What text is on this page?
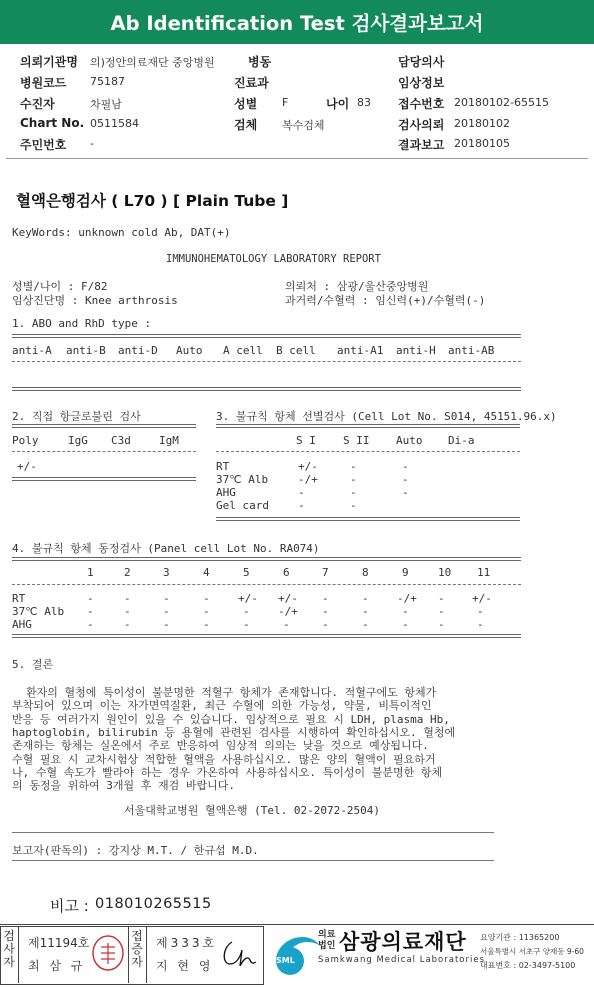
Ab Identification Test 검사결과보고서
의뢰기관명 의)정안의료재단 중앙병원	병동	담당의사
병원코드 75187	진료과	임상정보
수진자	차필남	성별 F	나이 83 접수번호 20180102-65515
Chart No. 0511584	검체 복수검체	검사의뢰 20180102
주민번호 -	결과보고 20180105
혈액은행검사 ( L70 ) [ Plain Tube ]
KeyWords: unknown cold Ab, DAT(+)
IMMUNOHEMATOLOGY LABORATORY REPORT
성별/나이 : F/82
임상진단명 : Knee arthrosis
의뢰처 : 삼광/울산중앙병원
과거력/수혈력 : 임신력(+)/수혈력(-)
1. ABO and RhD type :
anti-A anti-B anti-D Auto A cell B cell anti-A1 anti-H anti-AB
2. 직접 항글로불린 검사
Poly	IgG C3d	IgM
+/-
3. 불규칙 항체 선별검사 (Cell Lot No. S014, 45151.96.x)
S I S II Auto Di-a
RT	+/-	-	-
37℃ Alb	-/+	-	-
AHG	-	-	-
Gel card	-	-
4. 불규칙 항체 동정검사 (Panel cell Lot No. RA074)
1	2	3	4	5	6	7	8	9	10 11
RT	-	-	-	-	+/- +/- -	-	-/+ - +/-
37℃ Alb -	-	-	-	-	-/+ -	-	-	-	-
AHG	-	-	-	-	-	-	-	-	-	-	-
5. 결론
환자의 혈청에 특이성이 불분명한 적혈구 항체가 존재합니다. 적혈구에도 항체가
부착되어 있으며 이는 자가면역질환, 최근 수혈에 의한 가능성, 약물, 비특이적인
반응 등 여러가지 원인이 있을 수 있습니다. 임상적으로 필요 시 LDH, plasma Hb,
haptoglobin, bilirubin 등 용혈에 관련된 검사를 시행하여 확인하십시오. 혈청에
존재하는 항체는 실온에서 주로 반응하여 임상적 의의는 낮을 것으로 예상됩니다.
수혈 필요 시 교차시험상 적합한 혈액을 사용하십시오. 많은 양의 혈액이 필요하거
나, 수혈 속도가 빨라야 하는 경우 가온하여 사용하십시오. 특이성이 불분명한 항체
의 동정을 위하여 3개월 후 재검 바랍니다.
서울대학교병원 혈액은행 (Tel. 02-2072-2504)
보고자(판독의) : 강지상 M.T. / 한규섭 M.D.
비고 : 018010265515
검사자
제11194호
최 삼 규
접증자
제333호
지 현 영	SML
의료
법인 삼광의료재단
Samkwang Medical Laboratories
요양기관 : 11365200
서울특별시 서초구 양재동 9-60
대표번호 : 02-3497-5100
